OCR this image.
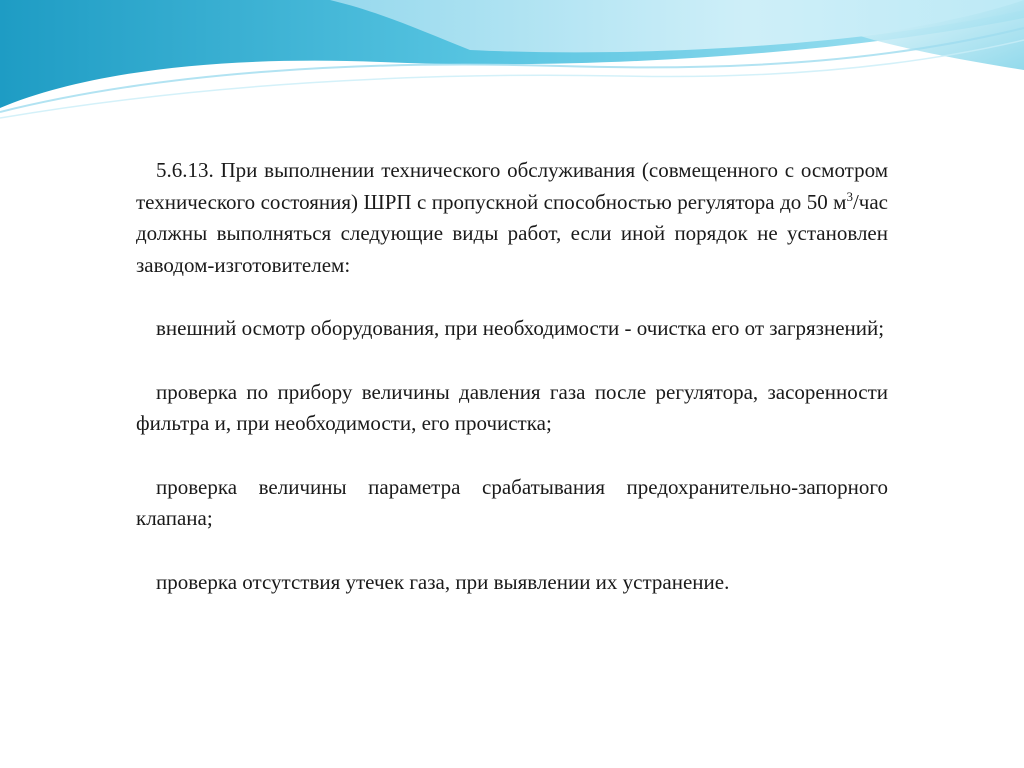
5.6.13. При выполнении технического обслуживания (совмещенного с осмотром технического состояния) ШРП с пропускной способностью регулятора до 50 $м^3$/час должны выполняться следующие виды работ, если иной порядок не установлен заводом-изготовителем:

внешний осмотр оборудования, при необходимости - очистка его от загрязнений;

проверка по прибору величины давления газа после регулятора, засоренности фильтра и, при необходимости, его прочистка;

проверка величины параметра срабатывания предохранительно-запорного клапана;

проверка отсутствия утечек газа, при выявлении их устранение.
